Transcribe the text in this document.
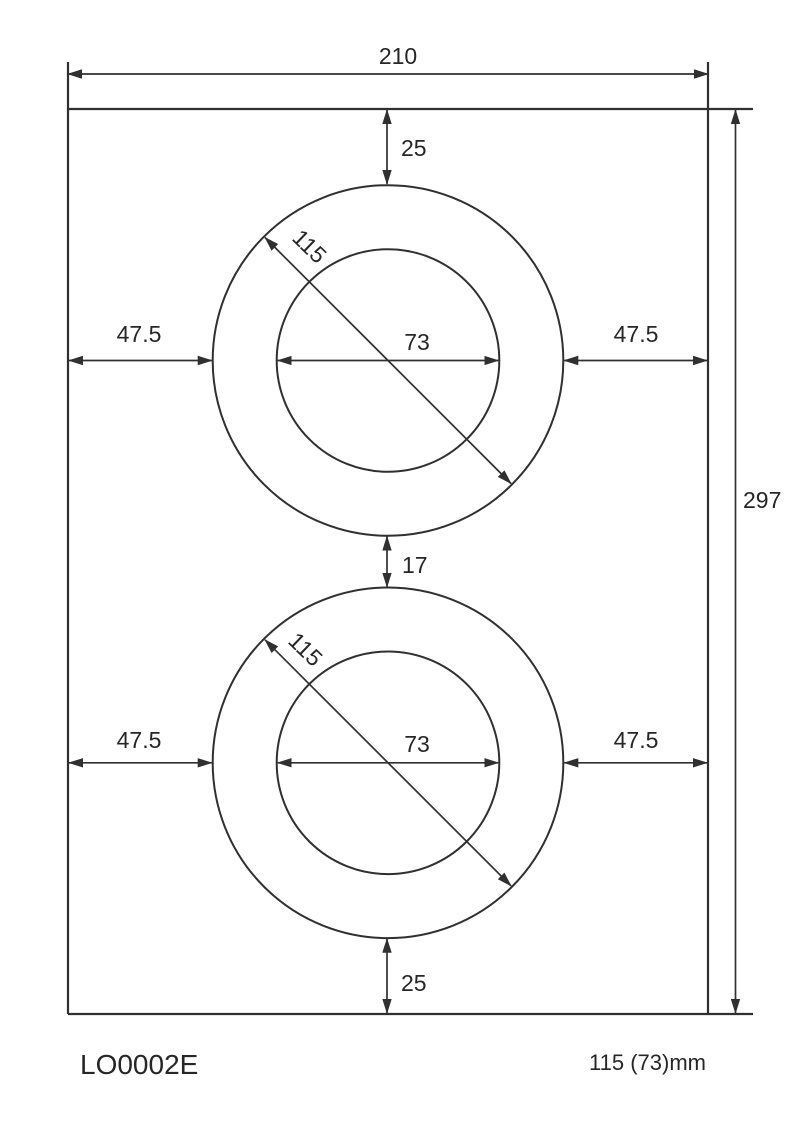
210
297
25
17
25
47.5	47.5
47.5	47.5
73
73
115
115
LO0002E	115 (73)mm
